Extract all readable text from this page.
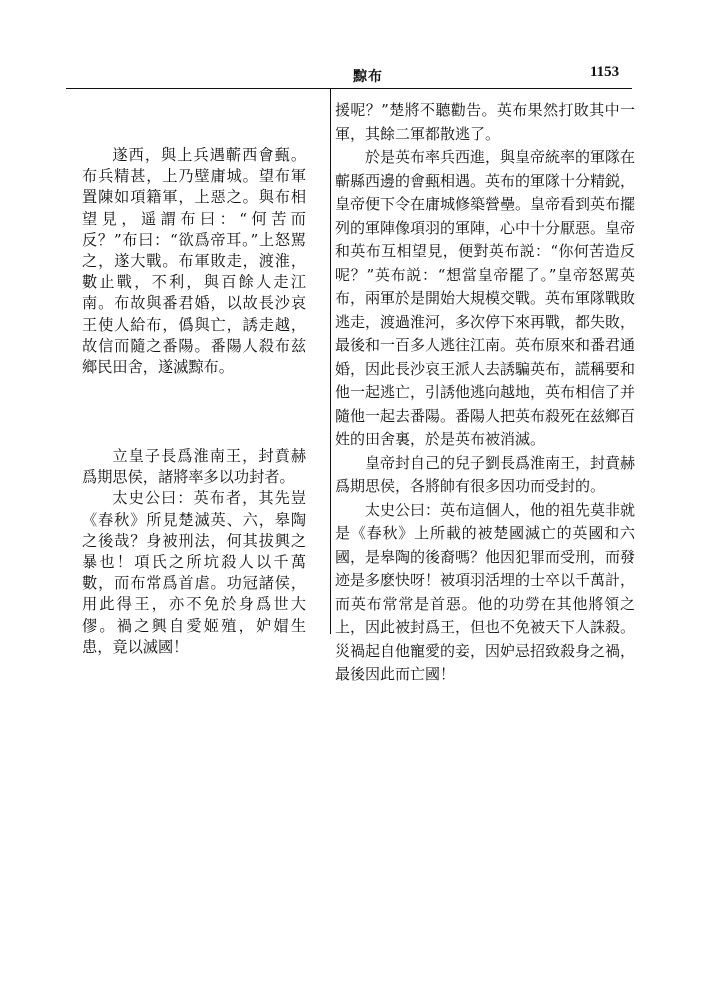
黥布	1153

遂西，與上兵遇蘄西會甀。布兵精甚，上乃壁庸城。望布軍置陳如項籍軍，上惡之。與布相望見，遥謂布曰：“何苦而反？”布曰：“欲爲帝耳。”上怒駡之，遂大戰。布軍敗走，渡淮，數止戰，不利，與百餘人走江南。布故與番君婚，以故長沙哀王使人給布，僞與亡，誘走越，故信而隨之番陽。番陽人殺布兹鄉民田舍，遂滅黥布。

立皇子長爲淮南王，封賁赫爲期思侯，諸將率多以功封者。

太史公曰：英布者，其先豈《春秋》所見楚滅英、六，皋陶之後哉？身被刑法，何其拔興之暴也！項氏之所坑殺人以千萬數，而布常爲首虐。功冠諸侯，用此得王，亦不免於身爲世大僇。禍之興自愛姬殖，妒媢生患，竟以滅國！

援呢？”楚將不聽勸告。英布果然打敗其中一軍，其餘二軍都散逃了。

於是英布率兵西進，與皇帝統率的軍隊在蘄縣西邊的會甀相遇。英布的軍隊十分精鋭，皇帝便下令在庸城修築營壘。皇帝看到英布擺列的軍陣像項羽的軍陣，心中十分厭惡。皇帝和英布互相望見，便對英布説：“你何苦造反呢？”英布説：“想當皇帝罷了。”皇帝怒駡英布，兩軍於是開始大規模交戰。英布軍隊戰敗逃走，渡過淮河，多次停下來再戰，都失敗，最後和一百多人逃往江南。英布原來和番君通婚，因此長沙哀王派人去誘騙英布，謊稱要和他一起逃亡，引誘他逃向越地，英布相信了并隨他一起去番陽。番陽人把英布殺死在兹鄉百姓的田舍裏，於是英布被消滅。

皇帝封自己的兒子劉長爲淮南王，封賁赫爲期思侯，各將帥有很多因功而受封的。

太史公曰：英布這個人，他的祖先莫非就是《春秋》上所載的被楚國滅亡的英國和六國，是皋陶的後裔嗎？他因犯罪而受刑，而發迹是多麽快呀！被項羽活埋的士卒以千萬計，而英布常常是首惡。他的功勞在其他將領之上，因此被封爲王，但也不免被天下人誅殺。災禍起自他寵愛的妾，因妒忌招致殺身之禍，最後因此而亡國！
